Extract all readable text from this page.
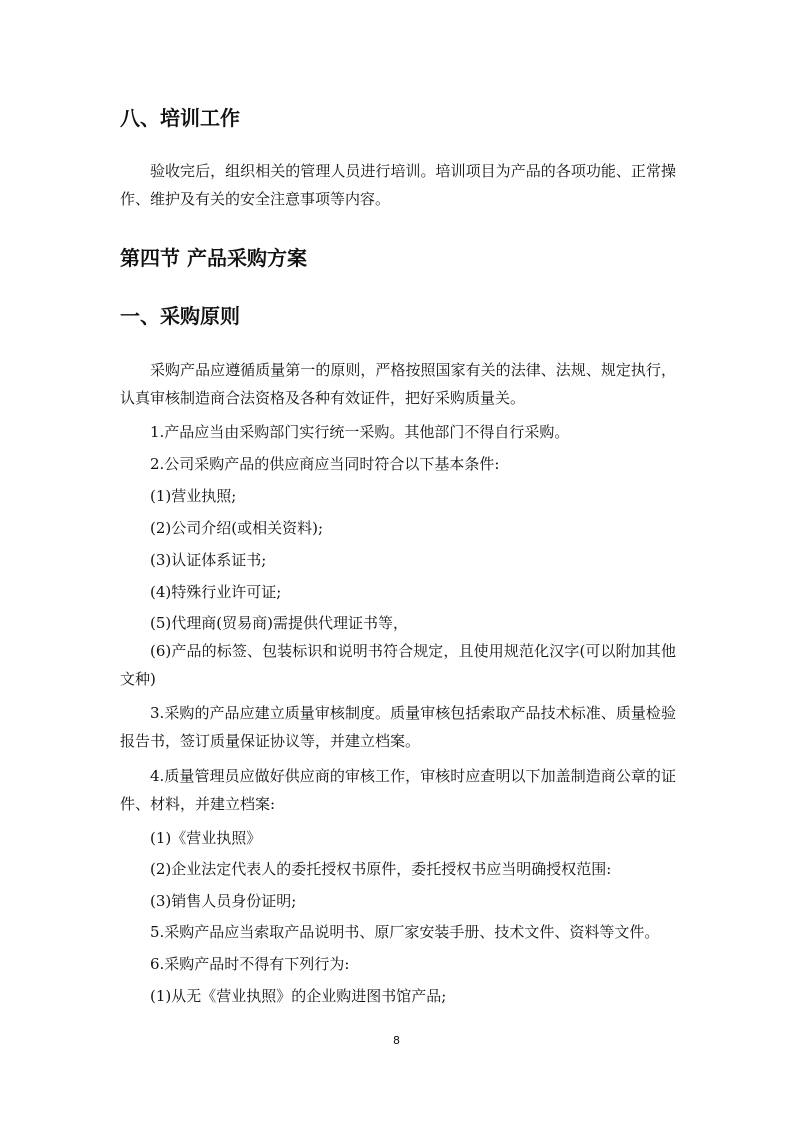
八、培训工作

验收完后，组织相关的管理人员进行培训。培训项目为产品的各项功能、正常操作、维护及有关的安全注意事项等内容。

第四节 产品采购方案
一、采购原则

采购产品应遵循质量第一的原则，严格按照国家有关的法律、法规、规定执行，认真审核制造商合法资格及各种有效证件，把好采购质量关。

1.产品应当由采购部门实行统一采购。其他部门不得自行采购。

2.公司采购产品的供应商应当同时符合以下基本条件:

(1)营业执照;

(2)公司介绍(或相关资料);

(3)认证体系证书;

(4)特殊行业许可证;

(5)代理商(贸易商)需提供代理证书等，

(6)产品的标签、包装标识和说明书符合规定，且使用规范化汉字(可以附加其他文种)

3.采购的产品应建立质量审核制度。质量审核包括索取产品技术标准、质量检验报告书，签订质量保证协议等，并建立档案。

4.质量管理员应做好供应商的审核工作，审核时应查明以下加盖制造商公章的证件、材料，并建立档案:

(1)《营业执照》

(2)企业法定代表人的委托授权书原件，委托授权书应当明确授权范围:

(3)销售人员身份证明;

5.采购产品应当索取产品说明书、原厂家安装手册、技术文件、资料等文件。

6.采购产品时不得有下列行为:

(1)从无《营业执照》的企业购进图书馆产品;

8
